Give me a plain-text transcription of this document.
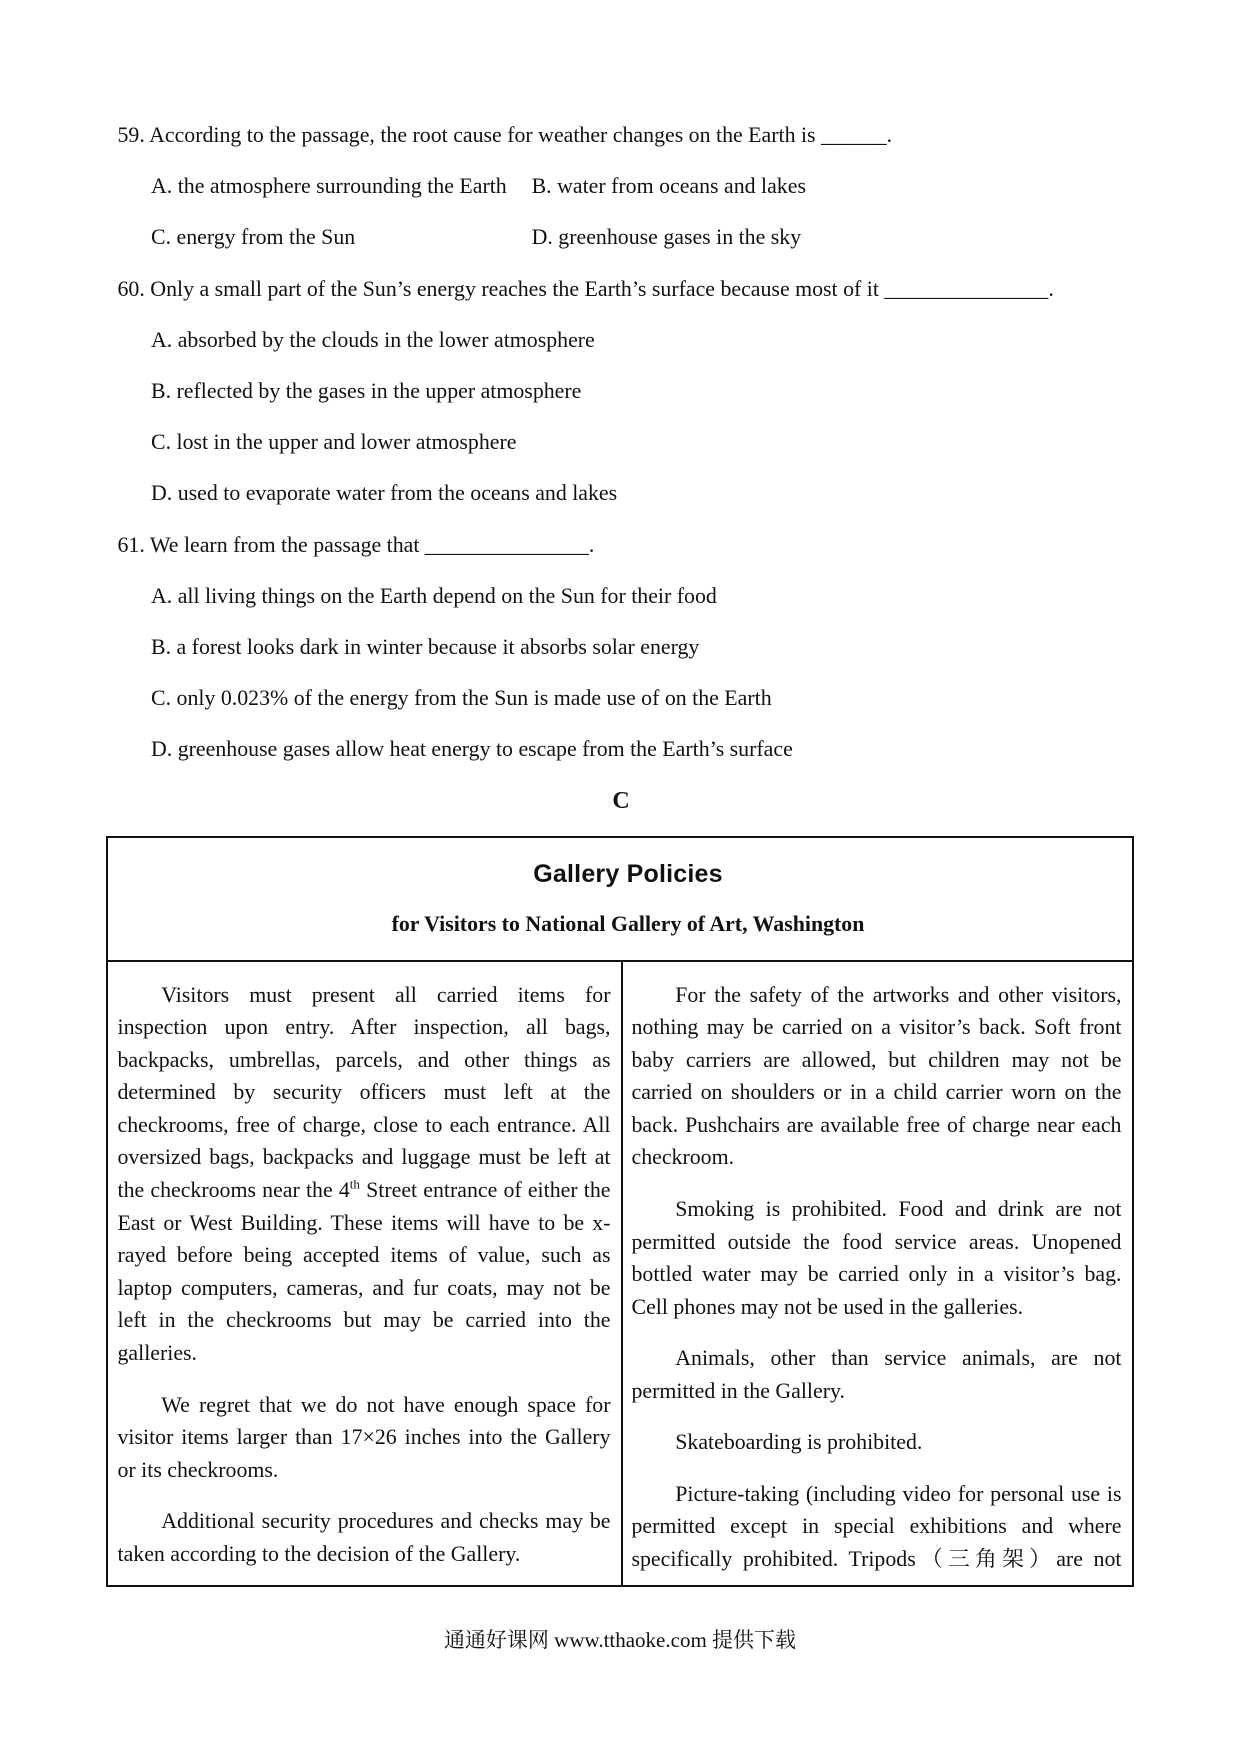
59. According to the passage, the root cause for weather changes on the Earth is ______.
A. the atmosphere surrounding the Earth B. water from oceans and lakes
C. energy from the Sun	D. greenhouse gases in the sky
60. Only a small part of the Sun’s energy reaches the Earth’s surface because most of it _______________.
A. absorbed by the clouds in the lower atmosphere
B. reflected by the gases in the upper atmosphere
C. lost in the upper and lower atmosphere
D. used to evaporate water from the oceans and lakes
61. We learn from the passage that _______________.
A. all living things on the Earth depend on the Sun for their food
B. a forest looks dark in winter because it absorbs solar energy
C. only 0.023% of the energy from the Sun is made use of on the Earth
D. greenhouse gases allow heat energy to escape from the Earth’s surface
C
Gallery Policies
for Visitors to National Gallery of Art, Washington

Visitors must present all carried items for inspection upon entry. After inspection, all bags, backpacks, umbrellas, parcels, and other things as determined by security officers must left at the checkrooms, free of charge, close to each entrance. All oversized bags, backpacks and luggage must be left at the checkrooms near the 4th Street entrance of either the East or West Building. These items will have to be x-rayed before being accepted items of value, such as laptop computers, cameras, and fur coats, may not be left in the checkrooms but may be carried into the galleries.

We regret that we do not have enough space for visitor items larger than 17×26 inches into the Gallery or its checkrooms.

Additional security procedures and checks may be taken according to the decision of the Gallery.

For the safety of the artworks and other visitors, nothing may be carried on a visitor’s back. Soft front baby carriers are allowed, but children may not be carried on shoulders or in a child carrier worn on the back. Pushchairs are available free of charge near each checkroom.

Smoking is prohibited. Food and drink are not permitted outside the food service areas. Unopened bottled water may be carried only in a visitor’s bag. Cell phones may not be used in the galleries.

Animals, other than service animals, are not permitted in the Gallery.

Skateboarding is prohibited.

Picture-taking (including video for personal use is permitted except in special exhibitions and where specifically prohibited. Tripods（三角架）are not

通通好课网 www.tthaoke.com 提供下载
